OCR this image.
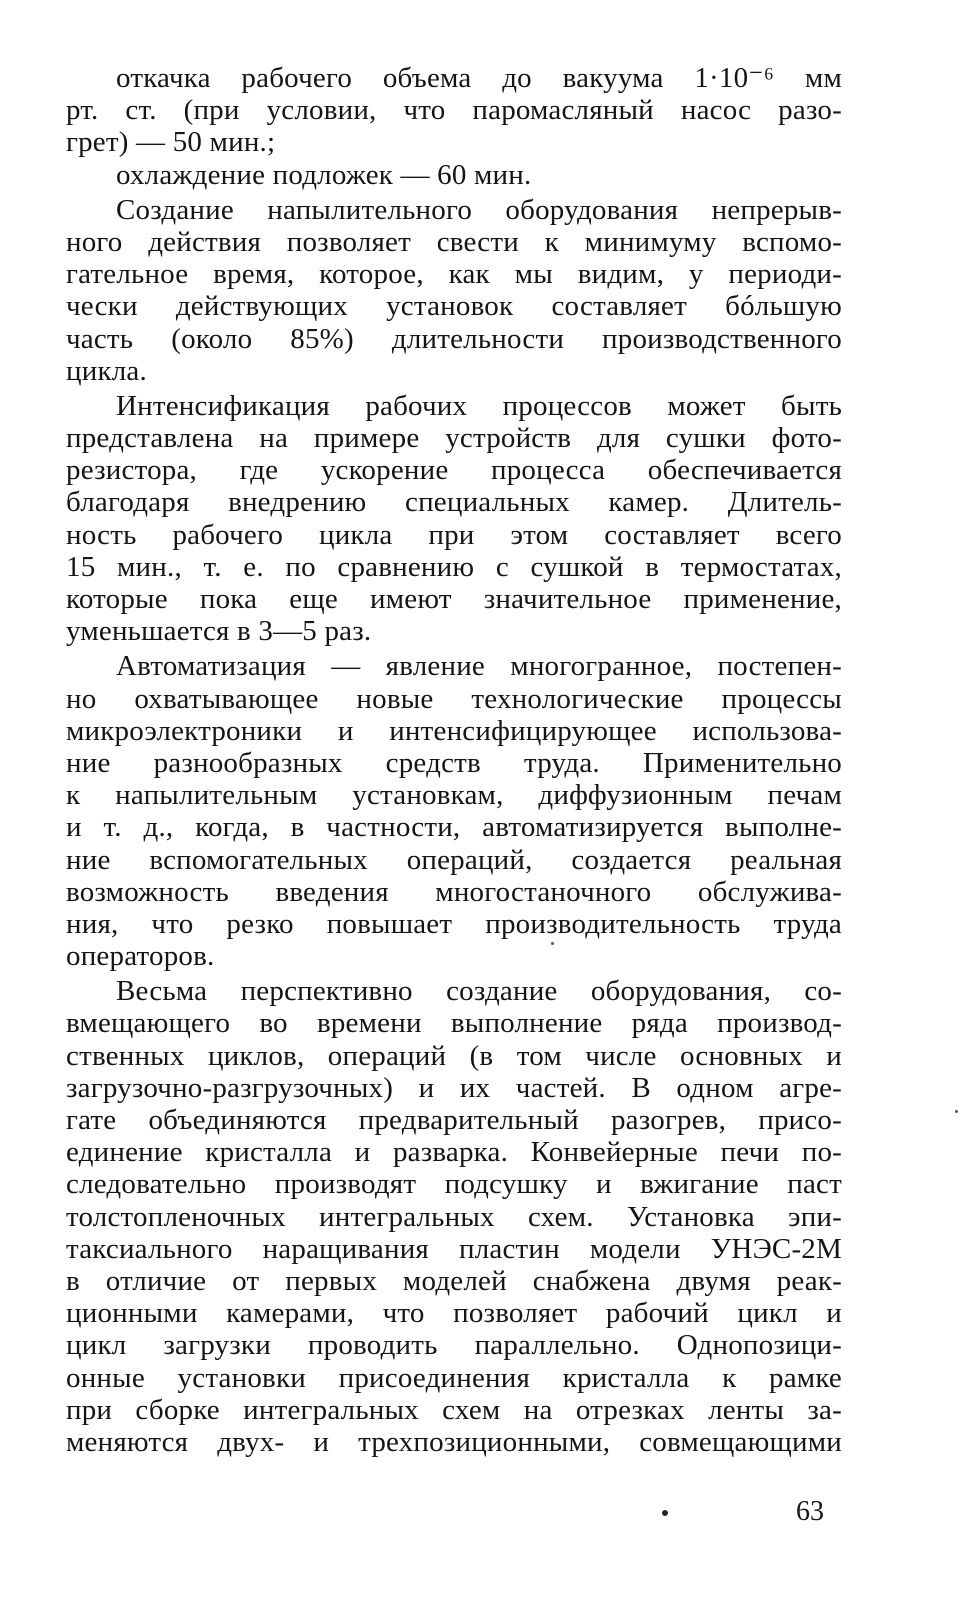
откачка рабочего объема до вакуума 1·10⁻⁶ мм
рт. ст. (при условии, что паромасляный насос разо-
грет) — 50 мин.;
охлаждение подложек — 60 мин.
Создание напылительного оборудования непрерыв-
ного действия позволяет свести к минимуму вспомо-
гательное время, которое, как мы видим, у периоди-
чески действующих установок составляет бóльшую
часть (около 85%) длительности производственного
цикла.
Интенсификация рабочих процессов может быть
представлена на примере устройств для сушки фото-
резистора, где ускорение процесса обеспечивается
благодаря внедрению специальных камер. Длитель-
ность рабочего цикла при этом составляет всего
15 мин., т. е. по сравнению с сушкой в термостатах,
которые пока еще имеют значительное применение,
уменьшается в 3—5 раз.
Автоматизация — явление многогранное, постепен-
но охватывающее новые технологические процессы
микроэлектроники и интенсифицирующее использова-
ние разнообразных средств труда. Применительно
к напылительным установкам, диффузионным печам
и т. д., когда, в частности, автоматизируется выполне-
ние вспомогательных операций, создается реальная
возможность введения многостаночного обслужива-
ния, что резко повышает производительность труда
операторов.
Весьма перспективно создание оборудования, со-
вмещающего во времени выполнение ряда производ-
ственных циклов, операций (в том числе основных и
загрузочно-разгрузочных) и их частей. В одном агре-
гате объединяются предварительный разогрев, присо-
единение кристалла и разварка. Конвейерные печи по-
следовательно производят подсушку и вжигание паст
толстопленочных интегральных схем. Установка эпи-
таксиального наращивания пластин модели УНЭС-2М
в отличие от первых моделей снабжена двумя реак-
ционными камерами, что позволяет рабочий цикл и
цикл загрузки проводить параллельно. Однопозици-
онные установки присоединения кристалла к рамке
при сборке интегральных схем на отрезках ленты за-
меняются двух- и трехпозиционными, совмещающими
63
